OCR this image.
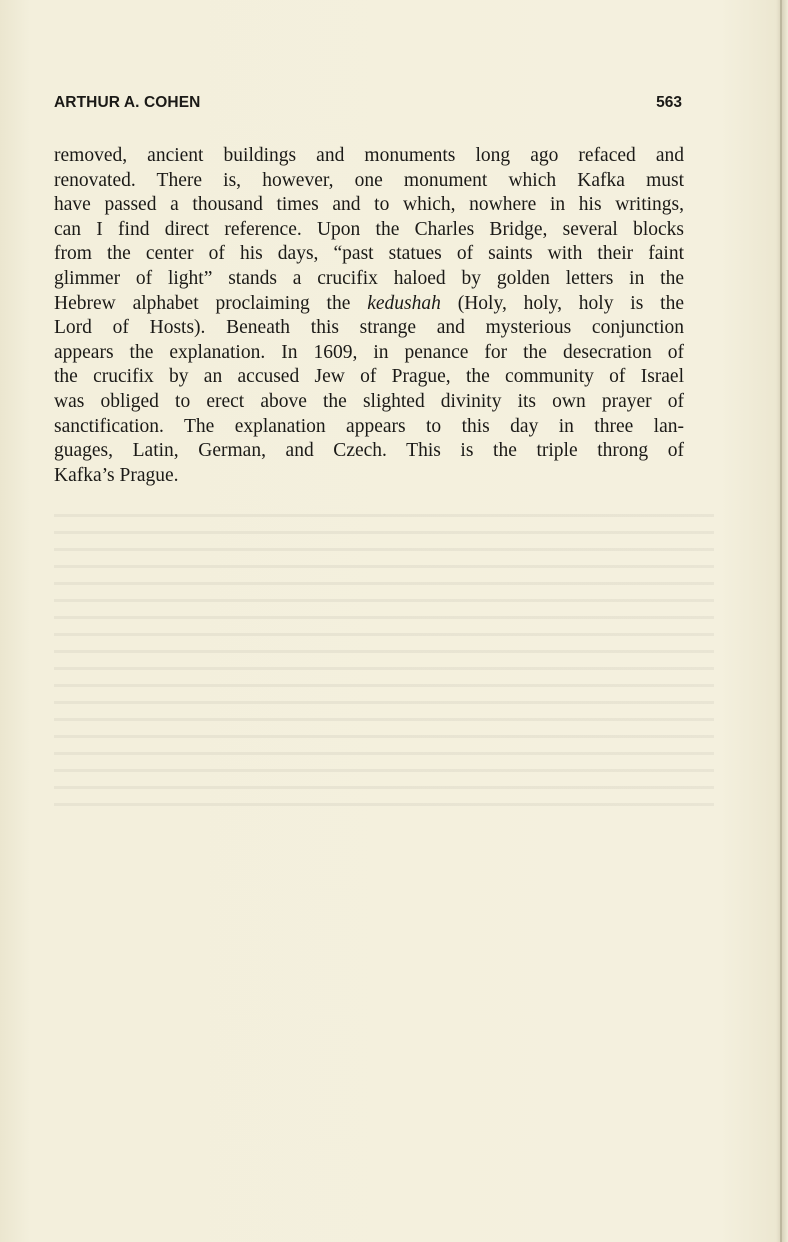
ARTHUR A. COHEN	563
removed, ancient buildings and monuments long ago refaced and
renovated. There is, however, one monument which Kafka must
have passed a thousand times and to which, nowhere in his writings,
can I find direct reference. Upon the Charles Bridge, several blocks
from the center of his days, “past statues of saints with their faint
glimmer of light” stands a crucifix haloed by golden letters in the
Hebrew alphabet proclaiming the kedushah (Holy, holy, holy is the
Lord of Hosts). Beneath this strange and mysterious conjunction
appears the explanation. In 1609, in penance for the desecration of
the crucifix by an accused Jew of Prague, the community of Israel
was obliged to erect above the slighted divinity its own prayer of
sanctification. The explanation appears to this day in three lan-
guages, Latin, German, and Czech. This is the triple throng of
Kafka’s Prague.
